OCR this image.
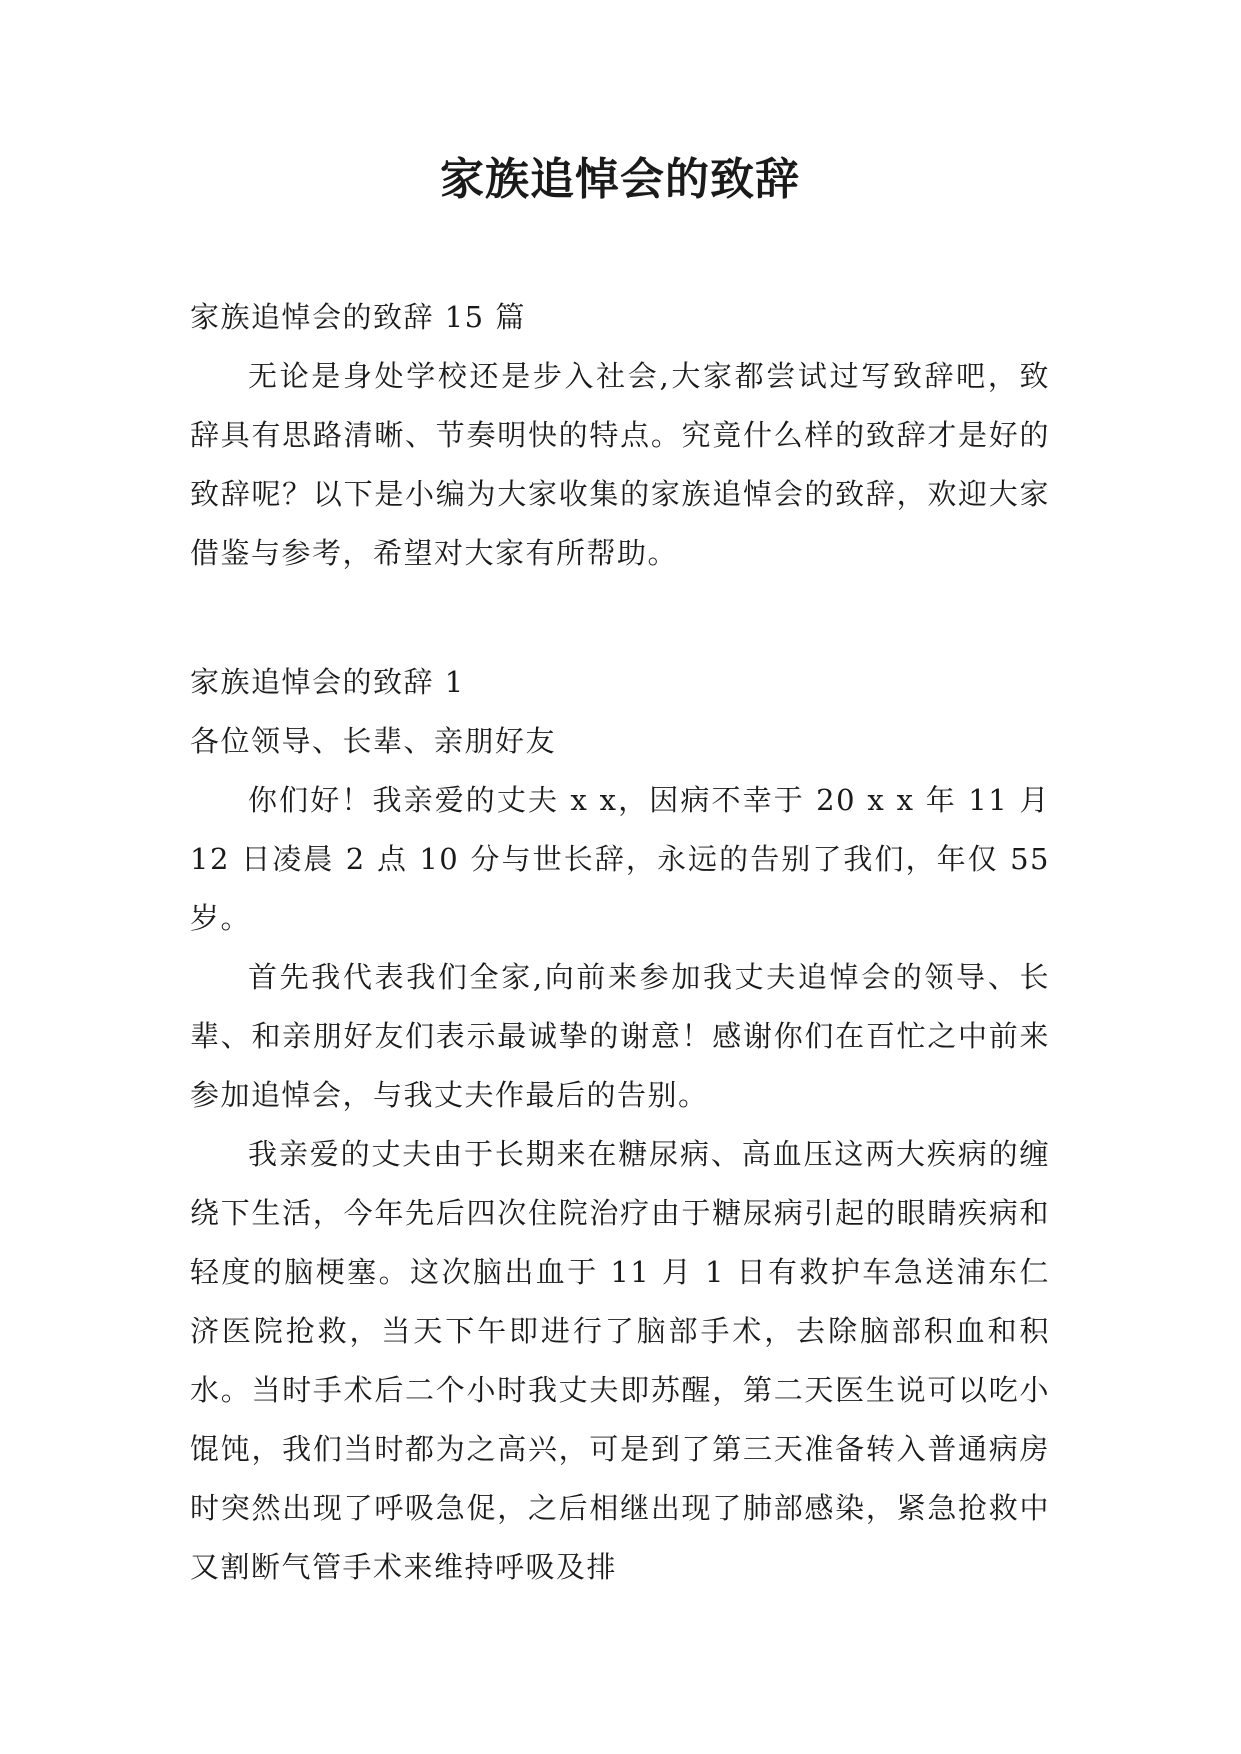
家族追悼会的致辞

家族追悼会的致辞 15 篇

无论是身处学校还是步入社会,大家都尝试过写致辞吧，致辞具有思路清晰、节奏明快的特点。究竟什么样的致辞才是好的致辞呢？以下是小编为大家收集的家族追悼会的致辞，欢迎大家借鉴与参考，希望对大家有所帮助。

家族追悼会的致辞 1

各位领导、长辈、亲朋好友

你们好！我亲爱的丈夫 x x，因病不幸于 20 x x 年 11 月 12 日凌晨 2 点 10 分与世长辞，永远的告别了我们，年仅 55 岁。

首先我代表我们全家,向前来参加我丈夫追悼会的领导、长辈、和亲朋好友们表示最诚挚的谢意！感谢你们在百忙之中前来参加追悼会，与我丈夫作最后的告别。

我亲爱的丈夫由于长期来在糖尿病、高血压这两大疾病的缠绕下生活，今年先后四次住院治疗由于糖尿病引起的眼睛疾病和轻度的脑梗塞。这次脑出血于 11 月 1 日有救护车急送浦东仁济医院抢救，当天下午即进行了脑部手术，去除脑部积血和积水。当时手术后二个小时我丈夫即苏醒，第二天医生说可以吃小馄饨，我们当时都为之高兴，可是到了第三天准备转入普通病房时突然出现了呼吸急促，之后相继出现了肺部感染，紧急抢救中又割断气管手术来维持呼吸及排
